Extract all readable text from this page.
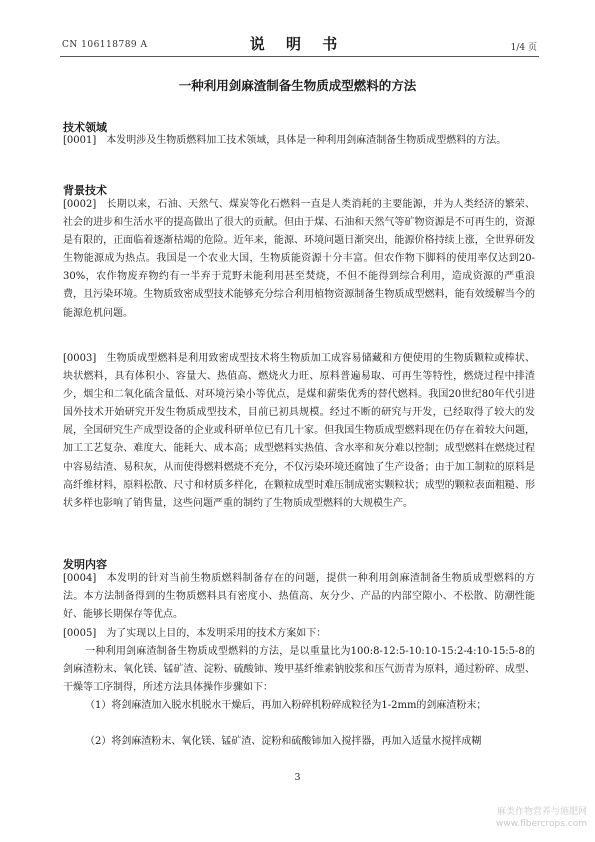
CN 106118789 A	说 明 书	1/4 页
一种利用剑麻渣制备生物质成型燃料的方法
技术领域
[0001] 本发明涉及生物质燃料加工技术领域，具体是一种利用剑麻渣制备生物质成型燃料的方法。
背景技术
[0002] 长期以来，石油、天然气、煤炭等化石燃料一直是人类消耗的主要能源，并为人类经济的繁荣、社会的进步和生活水平的提高做出了很大的贡献。但由于煤、石油和天然气等矿物资源是不可再生的，资源是有限的，正面临着逐渐枯竭的危险。近年来，能源、环境问题日渐突出，能源价格持续上涨，全世界研发生物能源成为热点。我国是一个农业大国，生物质能资源十分丰富。但农作物下脚料的使用率仅达到20-30%，农作物废弃物约有一半弃于荒野未能利用甚至焚烧，不但不能得到综合利用，造成资源的严重浪费，且污染环境。生物质致密成型技术能够充分综合利用植物资源制备生物质成型燃料，能有效缓解当今的能源危机问题。
[0003] 生物质成型燃料是利用致密成型技术将生物质加工成容易储藏和方便使用的生物质颗粒或棒状、块状燃料，具有体积小、容量大、热值高、燃烧火力旺、原料普遍易取、可再生等特性，燃烧过程中排渣少，烟尘和二氧化硫含量低、对环境污染小等优点，是煤和薪柴优秀的替代燃料。我国20世纪80年代引进国外技术开始研究开发生物质成型技术，目前已初具规模。经过不断的研究与开发，已经取得了较大的发展，全国研究生产成型设备的企业或科研单位已有几十家。但我国生物质成型燃料现在仍存在着较大问题，加工工艺复杂、难度大、能耗大、成本高；成型燃料实热值、含水率和灰分难以控制；成型燃料在燃烧过程中容易结渣、易积灰，从而使得燃料燃烧不充分，不仅污染环境还腐蚀了生产设备；由于加工制粒的原料是高纤维材料，原料松散、尺寸和材质多样化，在颗粒成型时难压制成密实颗粒状；成型的颗粒表面粗糙、形状多样也影响了销售量，这些问题严重的制约了生物质成型燃料的大规模生产。
发明内容
[0004] 本发明的针对当前生物质燃料制备存在的问题，提供一种利用剑麻渣制备生物质成型燃料的方法。本方法制备得到的生物质燃料具有密度小、热值高、灰分少、产品的内部空隙小、不松散、防潮性能好、能够长期保存等优点。
[0005] 为了实现以上目的，本发明采用的技术方案如下：
一种利用剑麻渣制备生物质成型燃料的方法，是以重量比为100:8-12:5-10:10-15:2-4:10-15:5-8的剑麻渣粉末、氧化镁、锰矿渣、淀粉、硫酸铈、羧甲基纤维素钠胶浆和压气沥青为原料，通过粉碎、成型、干燥等工序制得，所述方法具体操作步骤如下：
（1）将剑麻渣加入脱水机脱水干燥后，再加入粉碎机粉碎成粒径为1-2mm的剑麻渣粉末；
（2）将剑麻渣粉末、氧化镁、锰矿渣、淀粉和硫酸铈加入搅拌器，再加入适量水搅拌成糊
3
麻类作物营养与施肥网
www.fibercrops.com
